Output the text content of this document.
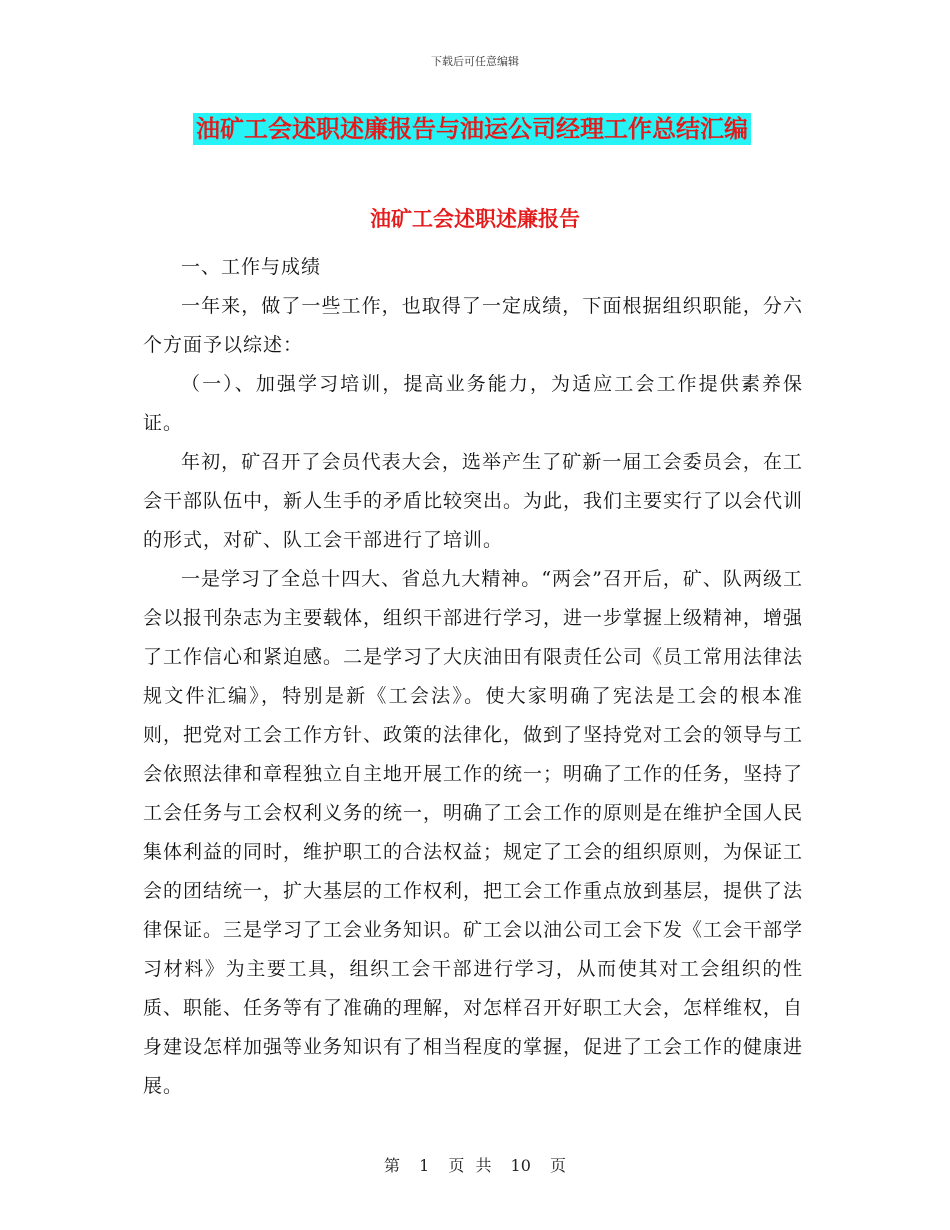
下载后可任意编辑
油矿工会述职述廉报告与油运公司经理工作总结汇编
油矿工会述职述廉报告

一、工作与成绩

一年来，做了一些工作，也取得了一定成绩，下面根据组织职能，分六个方面予以综述：

（一）、加强学习培训，提高业务能力，为适应工会工作提供素养保证。

年初，矿召开了会员代表大会，选举产生了矿新一届工会委员会，在工会干部队伍中，新人生手的矛盾比较突出。为此，我们主要实行了以会代训的形式，对矿、队工会干部进行了培训。

一是学习了全总十四大、省总九大精神。“两会”召开后，矿、队两级工会以报刊杂志为主要载体，组织干部进行学习，进一步掌握上级精神，增强了工作信心和紧迫感。二是学习了大庆油田有限责任公司《员工常用法律法规文件汇编》，特别是新《工会法》。使大家明确了宪法是工会的根本准则，把党对工会工作方针、政策的法律化，做到了坚持党对工会的领导与工会依照法律和章程独立自主地开展工作的统一；明确了工作的任务，坚持了工会任务与工会权利义务的统一，明确了工会工作的原则是在维护全国人民集体利益的同时，维护职工的合法权益；规定了工会的组织原则，为保证工会的团结统一，扩大基层的工作权利，把工会工作重点放到基层，提供了法律保证。三是学习了工会业务知识。矿工会以油公司工会下发《工会干部学习材料》为主要工具，组织工会干部进行学习，从而使其对工会组织的性质、职能、任务等有了准确的理解，对怎样召开好职工大会，怎样维权，自身建设怎样加强等业务知识有了相当程度的掌握，促进了工会工作的健康进展。

第 1 页 共 10 页
